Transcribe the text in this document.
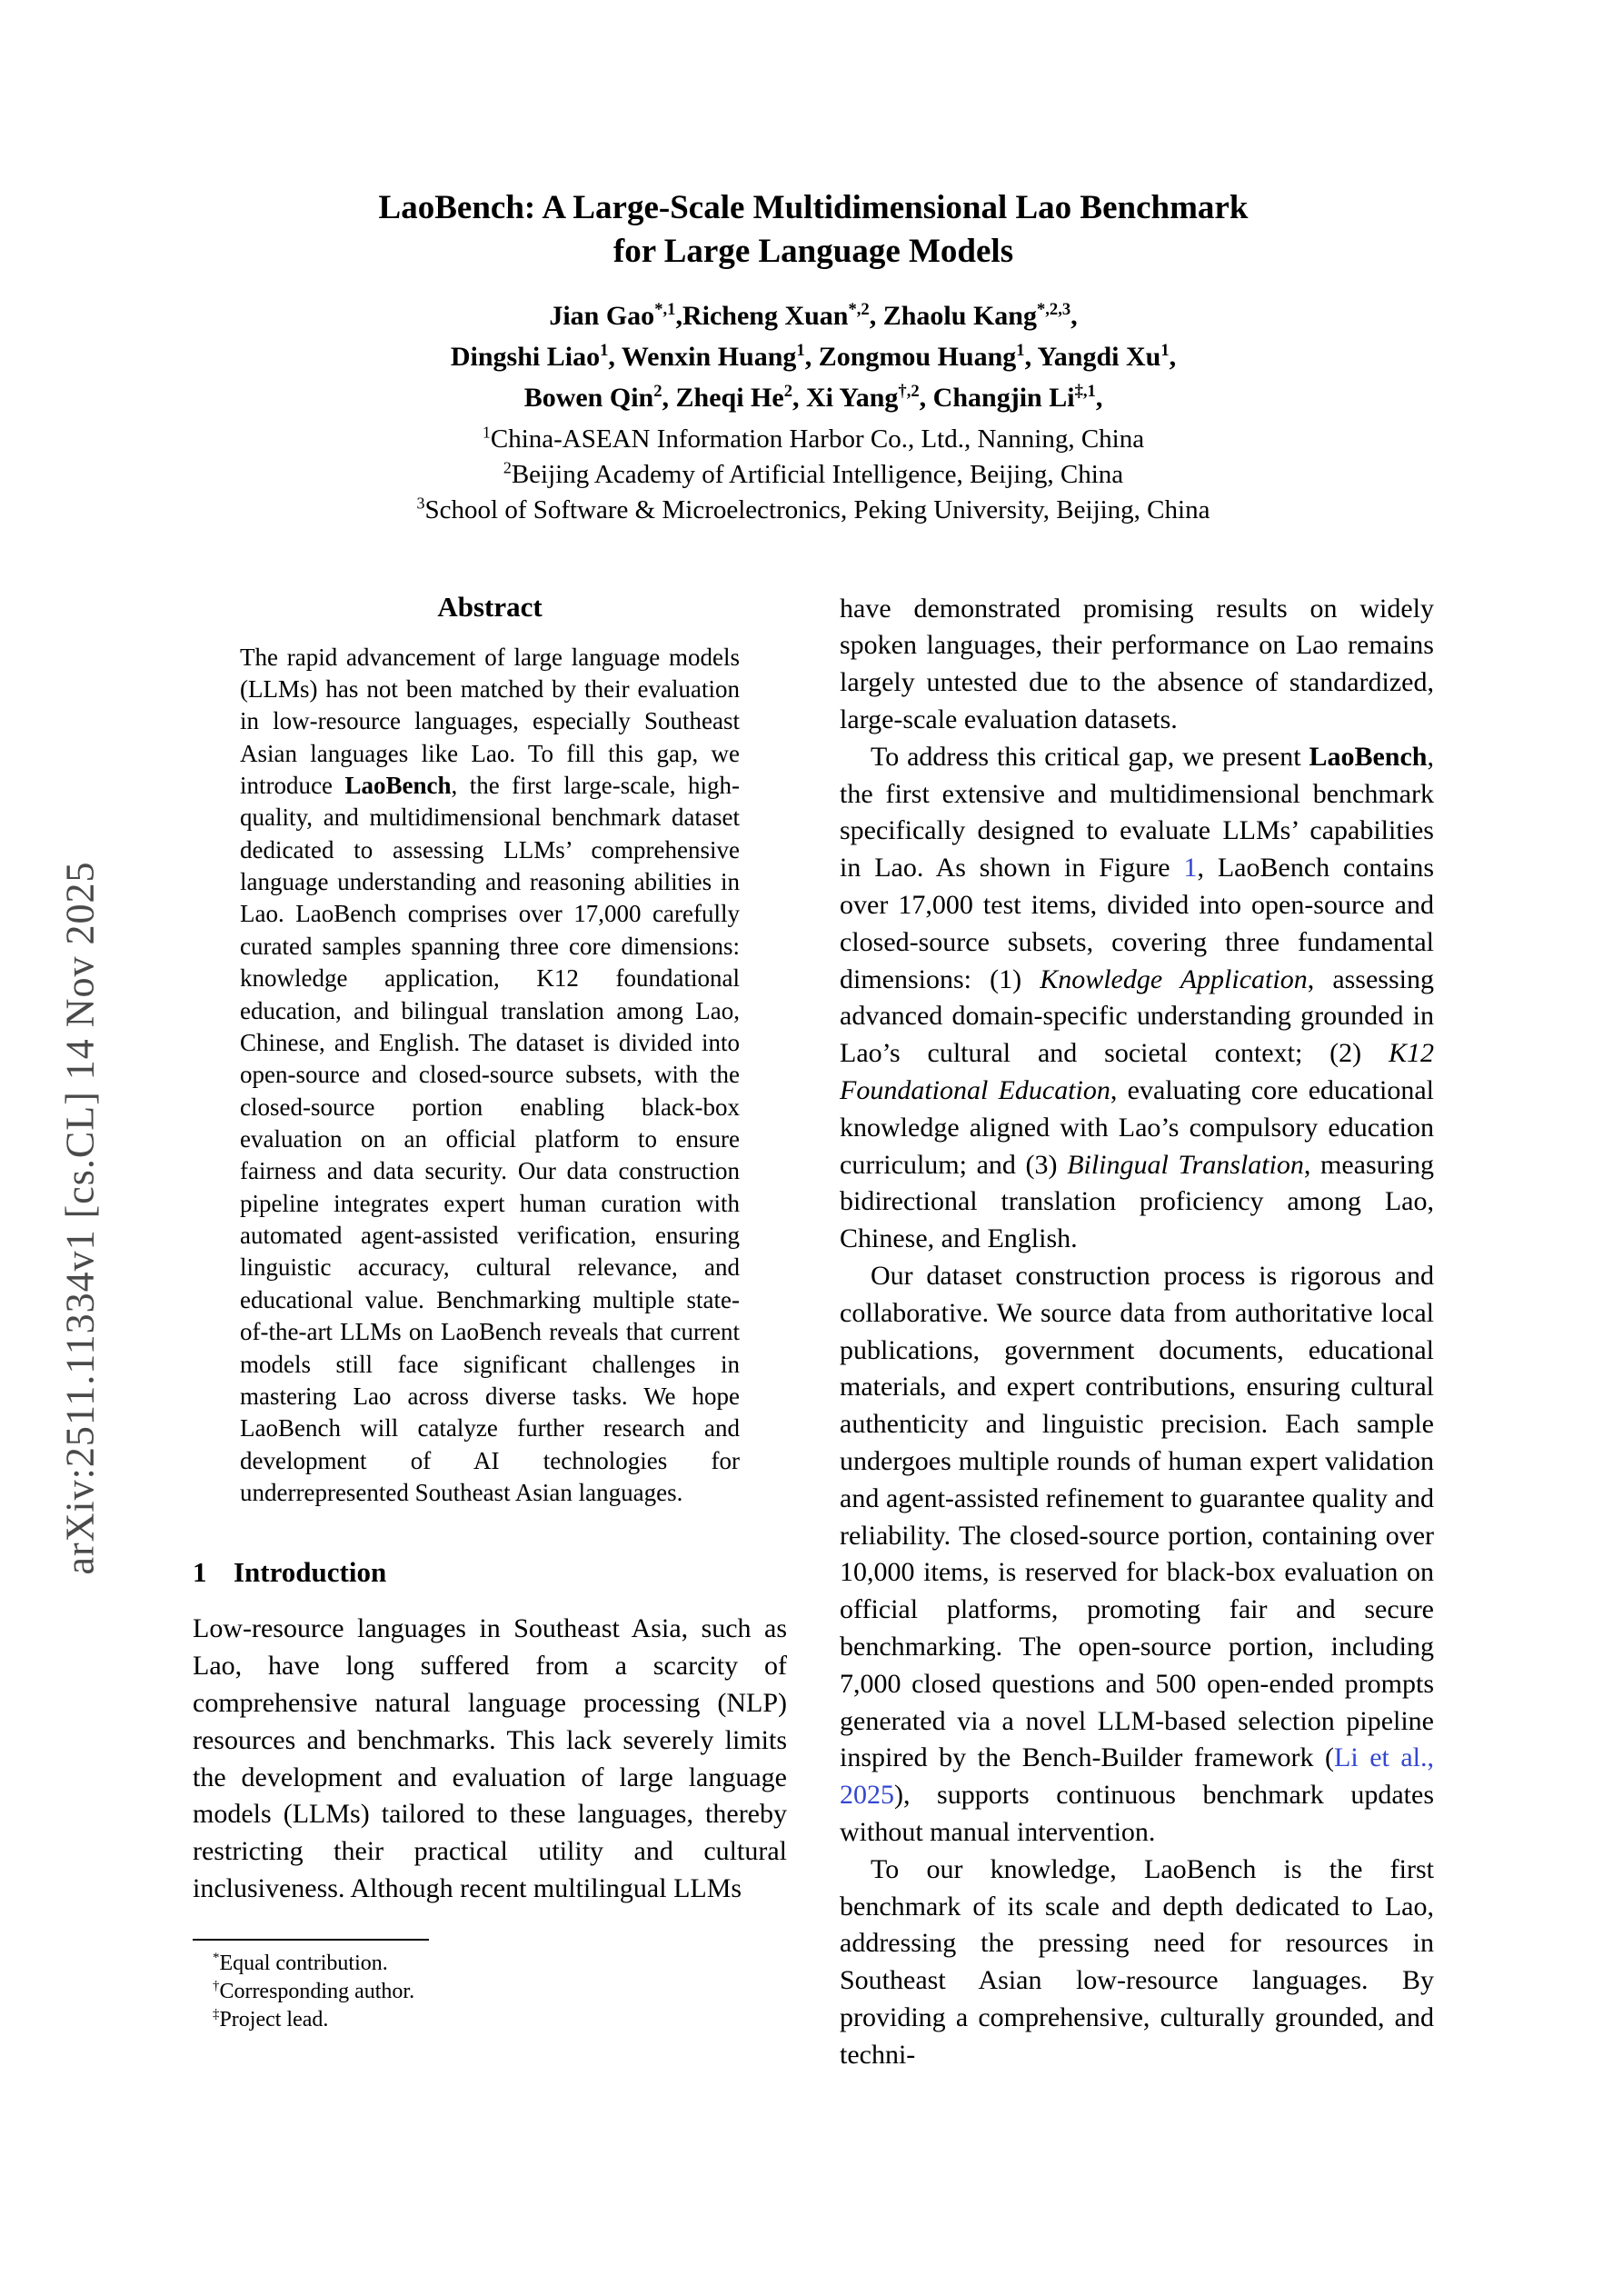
arXiv:2511.11334v1 [cs.CL] 14 Nov 2025
LaoBench: A Large-Scale Multidimensional Lao Benchmark
for Large Language Models
Jian Gao$^{*,1}$,Richeng Xuan$^{*,2}$, Zhaolu Kang$^{*,2,3}$,
Dingshi Liao$^1$, Wenxin Huang$^1$, Zongmou Huang$^1$, Yangdi Xu$^1$,
Bowen Qin$^2$, Zheqi He$^2$, Xi Yang$^{\dagger,2}$, Changjin $Li^{\ddagger,1}$,
$^1$China-ASEAN Information Harbor Co., Ltd., Nanning, China
$^2$Beijing Academy of Artificial Intelligence, Beijing, China
$^3$School of Software & Microelectronics, Peking University, Beijing, China
Abstract

The rapid advancement of large language models (LLMs) has not been matched by their evaluation in low-resource languages, especially Southeast Asian languages like Lao. To fill this gap, we introduce LaoBench, the first large-scale, high-quality, and multidimensional benchmark dataset dedicated to assessing LLMs’ comprehensive language understanding and reasoning abilities in Lao. LaoBench comprises over 17,000 carefully curated samples spanning three core dimensions: knowledge application, K12 foundational education, and bilingual translation among Lao, Chinese, and English. The dataset is divided into open-source and closed-source subsets, with the closed-source portion enabling black-box evaluation on an official platform to ensure fairness and data security. Our data construction pipeline integrates expert human curation with automated agent-assisted verification, ensuring linguistic accuracy, cultural relevance, and educational value. Benchmarking multiple state-of-the-art LLMs on LaoBench reveals that current models still face significant challenges in mastering Lao across diverse tasks. We hope LaoBench will catalyze further research and development of AI technologies for underrepresented Southeast Asian languages.

1 Introduction

Low-resource languages in Southeast Asia, such as Lao, have long suffered from a scarcity of comprehensive natural language processing (NLP) resources and benchmarks. This lack severely limits the development and evaluation of large language models (LLMs) tailored to these languages, thereby restricting their practical utility and cultural inclusiveness. Although recent multilingual LLMs

*Equal contribution.
†Corresponding author.
‡Project lead.

have demonstrated promising results on widely spoken languages, their performance on Lao remains largely untested due to the absence of standardized, large-scale evaluation datasets.

To address this critical gap, we present LaoBench, the first extensive and multidimensional benchmark specifically designed to evaluate LLMs’ capabilities in Lao. As shown in Figure 1, LaoBench contains over 17,000 test items, divided into open-source and closed-source subsets, covering three fundamental dimensions: (1) Knowledge Application, assessing advanced domain-specific understanding grounded in Lao’s cultural and societal context; (2) K12 Foundational Education, evaluating core educational knowledge aligned with Lao’s compulsory education curriculum; and (3) Bilingual Translation, measuring bidirectional translation proficiency among Lao, Chinese, and English.

Our dataset construction process is rigorous and collaborative. We source data from authoritative local publications, government documents, educational materials, and expert contributions, ensuring cultural authenticity and linguistic precision. Each sample undergoes multiple rounds of human expert validation and agent-assisted refinement to guarantee quality and reliability. The closed-source portion, containing over 10,000 items, is reserved for black-box evaluation on official platforms, promoting fair and secure benchmarking. The open-source portion, including 7,000 closed questions and 500 open-ended prompts generated via a novel LLM-based selection pipeline inspired by the Bench-Builder framework (Li et al., 2025), supports continuous benchmark updates without manual intervention.

To our knowledge, LaoBench is the first benchmark of its scale and depth dedicated to Lao, addressing the pressing need for resources in Southeast Asian low-resource languages. By providing a comprehensive, culturally grounded, and techni-
